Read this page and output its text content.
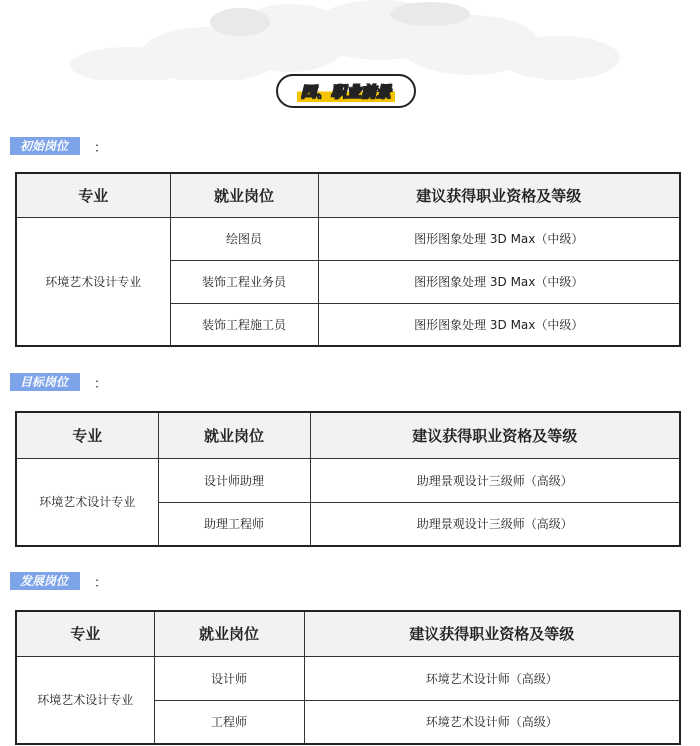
四、职业前景
初始岗位	：
专业	就业岗位	建议获得职业资格及等级
环境艺术设计专业	绘图员	图形图象处理 3D Max（中级）
	装饰工程业务员	图形图象处理 3D Max（中级）
	装饰工程施工员	图形图象处理 3D Max（中级）
目标岗位	：
专业	就业岗位	建议获得职业资格及等级
环境艺术设计专业	设计师助理	助理景观设计三级师（高级）
	助理工程师	助理景观设计三级师（高级）
发展岗位	：
专业	就业岗位	建议获得职业资格及等级
环境艺术设计专业	设计师	环境艺术设计师（高级）
	工程师	环境艺术设计师（高级）
